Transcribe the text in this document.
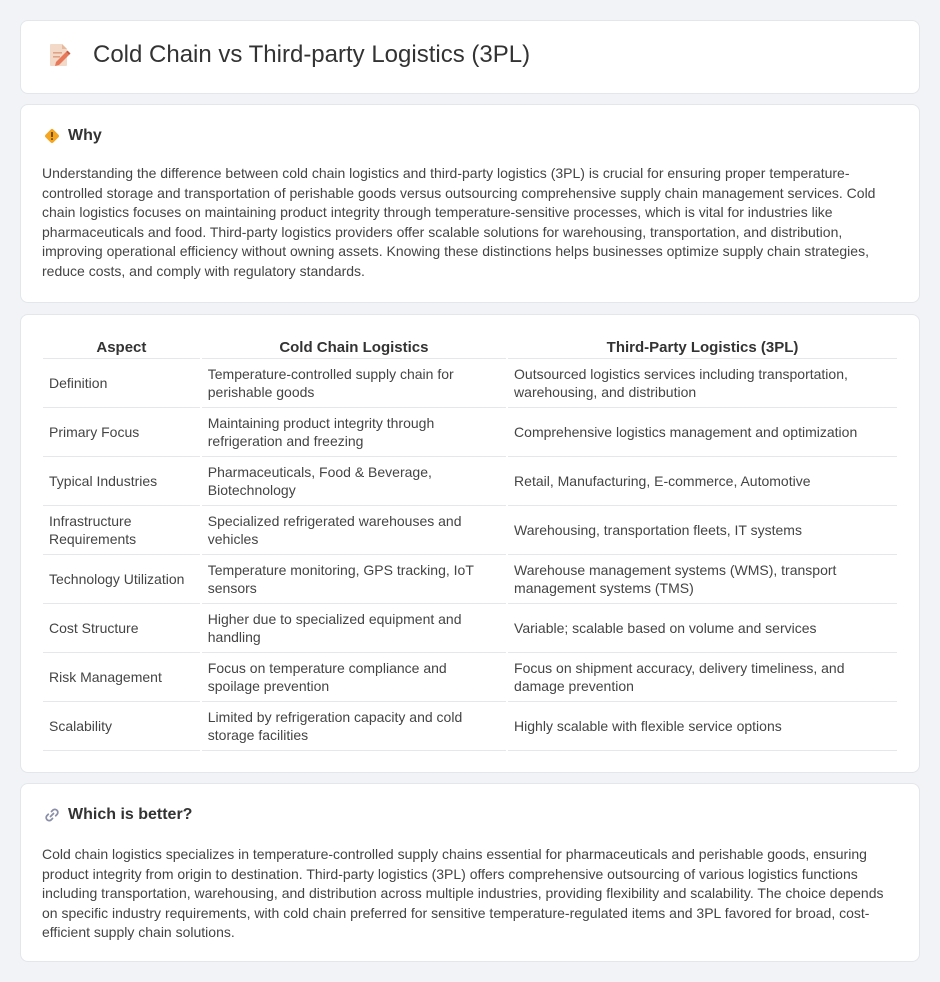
Cold Chain vs Third-party Logistics (3PL)
Why

Understanding the difference between cold chain logistics and third-party logistics (3PL) is crucial for ensuring proper temperature-controlled storage and transportation of perishable goods versus outsourcing comprehensive supply chain management services. Cold chain logistics focuses on maintaining product integrity through temperature-sensitive processes, which is vital for industries like pharmaceuticals and food. Third-party logistics providers offer scalable solutions for warehousing, transportation, and distribution, improving operational efficiency without owning assets. Knowing these distinctions helps businesses optimize supply chain strategies, reduce costs, and comply with regulatory standards.

Aspect	Cold Chain Logistics	Third-Party Logistics (3PL)
Definition	Temperature-controlled supply chain for perishable goods	Outsourced logistics services including transportation, warehousing, and distribution
Primary Focus	Maintaining product integrity through refrigeration and freezing	Comprehensive logistics management and optimization
Typical Industries	Pharmaceuticals, Food & Beverage, Biotechnology	Retail, Manufacturing, E-commerce, Automotive
Infrastructure Requirements	Specialized refrigerated warehouses and vehicles	Warehousing, transportation fleets, IT systems
Technology Utilization	Temperature monitoring, GPS tracking, IoT sensors	Warehouse management systems (WMS), transport management systems (TMS)
Cost Structure	Higher due to specialized equipment and handling	Variable; scalable based on volume and services
Risk Management	Focus on temperature compliance and spoilage prevention	Focus on shipment accuracy, delivery timeliness, and damage prevention
Scalability	Limited by refrigeration capacity and cold storage facilities	Highly scalable with flexible service options
Which is better?

Cold chain logistics specializes in temperature-controlled supply chains essential for pharmaceuticals and perishable goods, ensuring product integrity from origin to destination. Third-party logistics (3PL) offers comprehensive outsourcing of various logistics functions including transportation, warehousing, and distribution across multiple industries, providing flexibility and scalability. The choice depends on specific industry requirements, with cold chain preferred for sensitive temperature-regulated items and 3PL favored for broad, cost-efficient supply chain solutions.
